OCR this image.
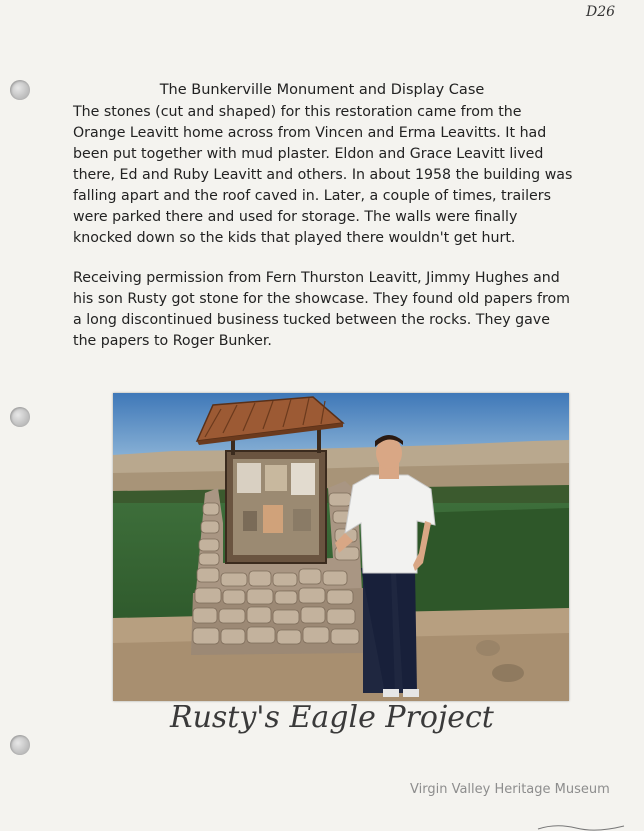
D26
The Bunkerville Monument and Display Case

The stones (cut and shaped) for this restoration came from the Orange Leavitt home across from Vincen and Erma Leavitts. It had been put together with mud plaster. Eldon and Grace Leavitt lived there, Ed and Ruby Leavitt and others. In about 1958 the building was falling apart and the roof caved in. Later, a couple of times, trailers were parked there and used for storage. The walls were finally knocked down so the kids that played there wouldn't get hurt.

Receiving permission from Fern Thurston Leavitt, Jimmy Hughes and his son Rusty got stone for the showcase. They found old papers from a long discontinued business tucked between the rocks. They gave the papers to Roger Bunker.

Rusty's Eagle Project
Virgin Valley Heritage Museum
